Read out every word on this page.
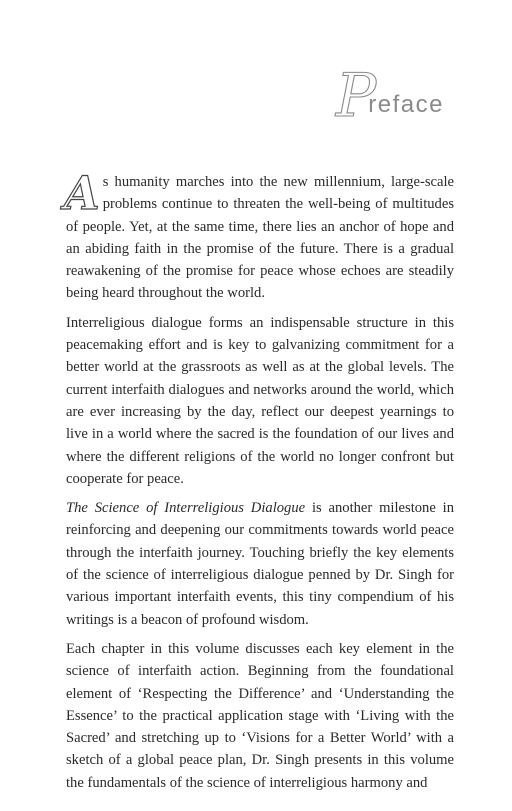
P
reface

As humanity marches into the new millennium, large-scale problems continue to threaten the well-being of multitudes of people. Yet, at the same time, there lies an anchor of hope and an abiding faith in the promise of the future. There is a gradual reawakening of the promise for peace whose echoes are steadily being heard throughout the world.

Interreligious dialogue forms an indispensable structure in this peacemaking effort and is key to galvanizing commitment for a better world at the grassroots as well as at the global levels. The current interfaith dialogues and networks around the world, which are ever increasing by the day, reflect our deepest yearnings to live in a world where the sacred is the foundation of our lives and where the different religions of the world no longer confront but cooperate for peace.

The Science of Interreligious Dialogue is another milestone in reinforcing and deepening our commitments towards world peace through the interfaith journey. Touching briefly the key elements of the science of interreligious dialogue penned by Dr. Singh for various important interfaith events, this tiny compendium of his writings is a beacon of profound wisdom.

Each chapter in this volume discusses each key element in the science of interfaith action. Beginning from the foundational element of ‘Respecting the Difference’ and ‘Understanding the Essence’ to the practical application stage with ‘Living with the Sacred’ and stretching up to ‘Visions for a Better World’ with a sketch of a global peace plan, Dr. Singh presents in this volume the fundamentals of the science of interreligious harmony and
